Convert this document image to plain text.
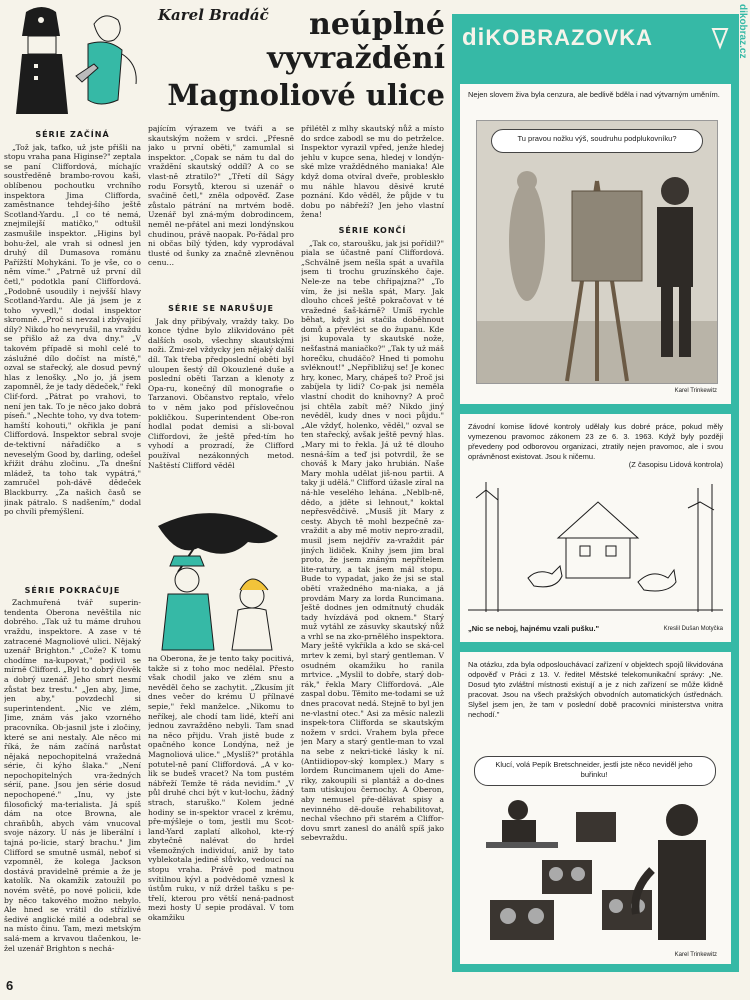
Karel Bradáč	neúplné
vyvraždění
Magnoliové ulice
SÉRIE ZAČÍNÁ

„Tož jak, taťko, už jste přišli na stopu vraha pana Higinse?" zeptala se paní Cliffordová, míchajíc soustředěně brambo-rovou kaši, oblíbenou pochoutku vrchního inspektora Jima Clifforda, zaměstnance tehdej-šího ještě Scotland-Yardu. „I co té nemá, znejmilejší matičko," odtušil zasmušile inspektor. „Higins byl bohu-žel, ale vrah si odnesl jen druhý díl Dumasova románu Pařížští Mohykáni. To je vše, co o něm víme." „Patrně už první díl četl," podotkla paní Cliffordová. „Podobně usoudily i nejvšší hlavy Scotland-Yardu. Ale já jsem je z toho vyvedl," dodal inspektor skromně. „Proč si nevzal i zbývající díly? Nikdo ho nevyrušil, na vraždu se přišlo až za dva dny." „V takovém případě si mohl celé to záslužné dílo dočíst na místě," ozval se stařecký, ale dosud pevný hlas z lenošky. „No jo, já jsem zapomněl, že je tady dědeček," řekl Clif-ford. „Pátrat po vrahovi, to není jen tak. To je něco jako dobrá píseň." „Nechte toho, vy dva totem-hamští kohouti," okřikla je paní Cliffordová. Inspektor sebral svoje de-tektivní nářadíčko a s neveselým Good by, darling, odešel křižit dráhu zločinu. „Ta dnešní mládež, ta toho tak vypátrá," zamručel poh-dávě dědeček Blackburry. „Za našich časů se jinak pátralo. S nadšením," dodal po chvíli přemýšlení.

SÉRIE POKRAČUJE

Zachmuřená tvář superin-tendenta Oberona nevěštila nic dobrého. „Tak už tu máme druhou vraždu, inspektore. A zase v té zatracené Magnoliové ulici. Nějaký uzenář Brighton." „Cože? K tomu chodíme na-kupovat," podivil se mírně Clifford. „Byl to dobrý člověk a dobrý uzenář. Jeho smrt nesmí zůstat bez trestu." „Jen aby, Jime, jen aby," povzdechl si superintendent. „Nic ve zlém, Jime, znám vás jako vzorného pracovníka. Ob-jasnil jste i zločiny, které se ani nestaly. Ale něco mi říká, že nám začíná narůstat nějaká nepochopitelná vražedná série, či kýho šlaka." „Není nepochopitelných vra-žedných sérií, pane. Jsou jen série dosud nepochopené." „Inu, vy jste filosofický ma-terialista. Já spíš dám na otce Browna, ale chraňbůh, abych vám vnucoval svoje názory. U nás je liberální i tajná po-licie, starý brachu." Jim Clifford se smutně usmál, neboť si vzpomněl, že kolega Jackson dostává pravidelně prémie a že je katolík. Na okamžik zatoužil po novém světě, po nové policii, kde by něco takového možno nebylo. Ale hned se vrátil do střízlivé šedivé anglické milé a odebral se na místo činu. Tam, mezi metským salá-mem a krvavou tlačenkou, le-žel uzenář Brighton s nechá-

pajícím výrazem ve tváři a se skautským nožem v srdci. „Přesně jako u první oběti," zamumlal si inspektor. „Copak se nám tu dal do vraždění skautský oddíl? A co se vlast-ně ztratilo?" „Třetí díl Ságy rodu Forsytů, kterou si uzenář o svačině četl," zněla odpověď. Zase zůstalo pátrání na mrtvém bodě. Uzenář byl zná-mým dobrodincem, neměl ne-přátel ani mezi londýnskou chudinou, právě naopak. Po-řádal pro ni občas bílý týden, kdy vyprodával tlusté od šunky za značně zlevněnou cenu…

SÉRIE SE NARUŠUJE

Jak dny přibývaly, vraždy taky. Do konce týdne bylo zlikvidováno pět dalších osob, všechny skautskými noži. Zmi-zel vždycky jen nějaký další díl. Tak třeba předposlední oběti byl uloupen šestý díl Okouzlené duše a poslední oběti Tarzan a klenoty z Opa-ru, konečný díl monografie o Tarzanovi. Občanstvo reptalo, vřelo to v něm jako pod příslovečnou pokličkou. Superintendent Obe-ron hodlal podat demisi a sli-boval Cliffordovi, že ještě před-tím ho vyhodí a prozradí, že Clifford používal nezákonných metod. Naštěstí Clifford věděl

na Oberona, že je tento taky pocitivá, takže si z toho moc nedělal. Přesto však chodil jako ve zlém snu a nevěděl čeho se zachytit. „Zkusím jít dnes večer do krému U přílnavé sepie," řekl manželce. „Nikomu to neříkej, ale chodí tam lidé, kteří ani jednou zavražděno nebyli. Tam snad na něco přijdu. Vrah jistě bude z opačného konce Londýna, než je Magnoliová ulice." „Myslíš?" protáhla potutel-ně paní Cliffordová. „A v ko-lik se budeš vracet? Na tom pustém nábřeží Temže tě ráda nevidím." „V půl druhé chci být v kut-lochu, žádný strach, staruško." Kolem jedné hodiny se in-spektor vracel z krému, pře-mýšleje o tom, jestli mu Scot-land-Yard zaplatí alkohol, kte-rý zbytečně nalévat do hrdel všemožných individuí, aniž by tato vyblekotala jediné slůvko, vedoucí na stopu vraha. Právě pod matnou svítilnou kývl a podvědomě vznesl k ústům ruku, v níž držel tašku s pe-třelí, kterou pro větší nená-padnost mezi hosty U sepie prodával. V tom okamžiku

přilétěl z mlhy skautský nůž a místo do srdce zabodl se mu do petrželce. Inspektor vyrazil vpřed, jenže hledej jehlu v kupce sena, hledej v londýn-ské mlze vraždědného maniaka! Ale když doma otvíral dveře, probleskło mu náhle hlavou děsivé kruté poznání. Kdo věděl, že půjde v tu dobu po nábřeží? Jen jeho vlastní žena!

SÉRIE KONČÍ

„Tak co, staroušku, jak jsi pořídil?" piala se účastně paní Cliffordová. „Schválně jsem nešla spát a uvařila jsem ti trochu gruzínského čaje. Nele-ze na tebe chřipajzna?" „To vím, že jsi nešla spát, Mary. Jak dlouho chceš ještě pokračovat v té vražedné šaš-kárně? Umíš rychle běhat, když jsi stačila doběhnout domů a převléct se do županu. Kde jsi kupovala ty skautské nože, nešťastná maniačko?" „Tak ty už máš horečku, chudáčo? Hned ti pomohu svléknout!" „Nepřibližuj se! Je konec hry, konec, Mary, chápeš to? Proč jsi zabíjela ty lidi? Co-pak jsi neměla vlastní chodit do knihovny? A proč jsi chtěla zabít mě? Nikdo jiný nevěděl, kudy dnes v noci půjdu." „Ale vždyť, holenko, věděl," ozval se ten stařecký, avšak ještě pevný hlas. „Mary mi to řekla. Já už té dlouho nesná-ším a teď jsi potvrdil, že se chováš k Mary jako hrubián. Naše Mary mohla udělat jiš-nou partii. A taky ji udělá." Clifford úžasle zíral na ná-hle veselého lehána. „Neblb-ně, dědo, a jděte si lehnout," koktal nepřesvědčivě. „Musíš jít Mary z cesty. Abych tě mohl bezpečně za-vraždit a aby mě motiv nepro-zradil, musil jsem nejdřív za-vraždit pár jiných lidiček. Knihy jsem jim bral proto, že jsem znáným nepřítelem lite-ratury, a tak jsem mál stopu. Bude to vypadat, jako že jsi se stal obětí vražedného ma-niaka, a já provdám Mary za lorda Runcimana. Ještě dodnes jen odmítnutý chudák tady hvízdává pod oknem." Starý muž vytáhl ze zásuvky skautský nůž a vrhl se na zko-prnělého inspektora. Mary ještě vykřikla a kdo se ská-cel mrtev k zemi, byl starý gentleman. V osudném okamžiku ho ranila mrtvice. „Myslil to dobře, starý dob-rák," řekla Mary Cliffordová. „Ale zaspal dobu. Těmito me-todami se už dnes pracovat nedá. Stejně to byl jen ne-vlastní otec." Asi za měsíc nalezli inspek-tora Clifforda se skautským nožem v srdci. Vrahem byla přece jen Mary a starý gentle-man to vzal na sebe z nekri-tické lásky k ní. (Antiidiopov-ský komplex.) Mary s lordem Runcimanem ujeli do Ame-riky, zakoupili si plantáž a do-dnes tam utiskujou černochy. A Oberon, aby nemusel pře-dělávat spisy a nevinného dě-douše rehabilitovat, nechal všechno při starém a Cliffor-dovu smrt zanesl do análů spíš jako sebevraždu.

6
diKOBRAZOVKA
Nejen slovem živa byla cenzura, ale bedlivě bděla i nad výtvarným uměním.
Tu pravou nožku výš, soudruhu podplukovníku?
Karel Trinkewitz
Závodní komise lidové kontroly udělaly kus dobré práce, pokud měly vymezenou pravomoc zákonem 23 ze 6. 3. 1963. Když byly později převedeny pod odborovou organizaci, ztratily nejen pravomoc, ale i svou oprávněnost existovat. Jsou k ničemu.
(Z časopisu Lidová kontrola)
„Nic se neboj, hajnému vzali pušku."	Kreslil Dušan Motyčka
Na otázku, zda byla odposlouchávací zařízení v objektech spojů likvidována odpověď v Práci z 13. V. ředitel Městské telekomunikační správy: „Ne. Dosud tyto zvláštní místnosti existují a je z nich zařízení se může klidně pracovat. Jsou na všech pražských obvodních automatických ústřednách. Slyšel jsem jen, že tam v poslední době pracovníci ministerstva vnitra nechodí."
Klucí, volá Pepík Bretschneider, jestli jste něco neviděl jeho buřinku!
Karel Trinkewitz
dikobraz.cz
